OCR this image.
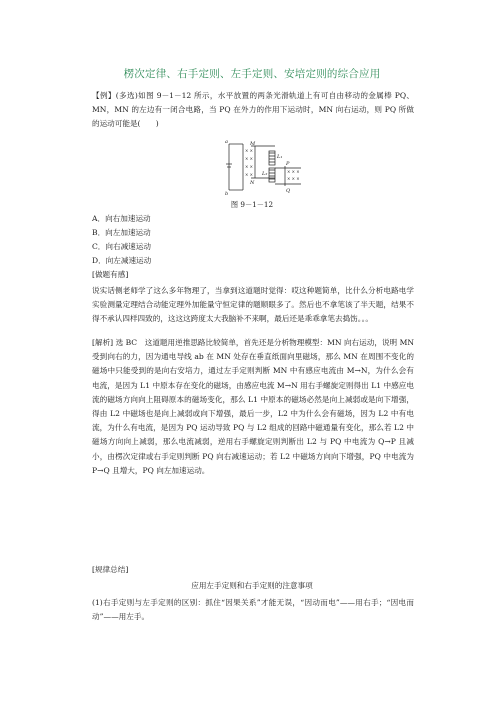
楞次定律、右手定则、左手定则、安培定则的综合应用
【例】(多选)如图 9－1－12 所示，水平放置的两条光滑轨道上有可自由移动的金属棒 PQ、MN，MN 的左边有一闭合电路，当 PQ 在外力的作用下运动时，MN 向右运动，则 PQ 所做的运动可能是(　　)
× ×
× ×
× ×
× ×
× × ×
× × ×
a
b
M
N
L₁
L₂
P
Q
图 9－1－12
A．向右加速运动
B．向左加速运动
C．向右减速运动
D．向左减速运动
[做题有感]
说实话侧老师学了这么多年物理了，当拿到这道题时觉得：哎这种题简单，比什么分析电路电学实验测量定理结合动能定理外加能量守恒定律的题顺眼多了。然后也不拿笔该了半天题，结果不得不承认四样四致的，这这这跨度太大我脑补不来啊，最后还是乖乖拿笔去捣饬。。。
[解析] 选 BC　这道题用逆推思路比较简单，首先还是分析物理模型：MN 向右运动，说明 MN 受到向右的力，因为通电导线 ab 在 MN 处存在垂直纸面向里磁场，那么 MN 在周围不变化的磁场中只能受到的是向右安培力，通过左手定则判断 MN 中有感应电流由 M→N，为什么会有电流，是因为 L1 中原本存在变化的磁场，由感应电流 M→N 用右手螺旋定则得出 L1 中感应电流的磁场方向向上阻碍原本的磁场变化，那么 L1 中原本的磁场必然是向上减弱或是向下增强，得由 L2 中磁场也是向上减弱或向下增强，最后一步，L2 中为什么会有磁场，因为 L2 中有电流，为什么有电流，是因为 PQ 运动导致 PQ 与 L2 组成的回路中磁通量有变化，那么若 L2 中磁场方向向上减弱，那么电流减弱，逆用右手螺旋定则判断出 L2 与 PQ 中电流为 Q→P 且减小，由楞次定律或右手定则判断 PQ 向右减速运动；若 L2 中磁场方向向下增强，PQ 中电流为 P→Q 且增大，PQ 向左加速运动。
[规律总结]
应用左手定则和右手定则的注意事项
(1)右手定则与左手定则的区别：抓住“因果关系”才能无误，“因动而电”——用右手；“因电而动”——用左手。
